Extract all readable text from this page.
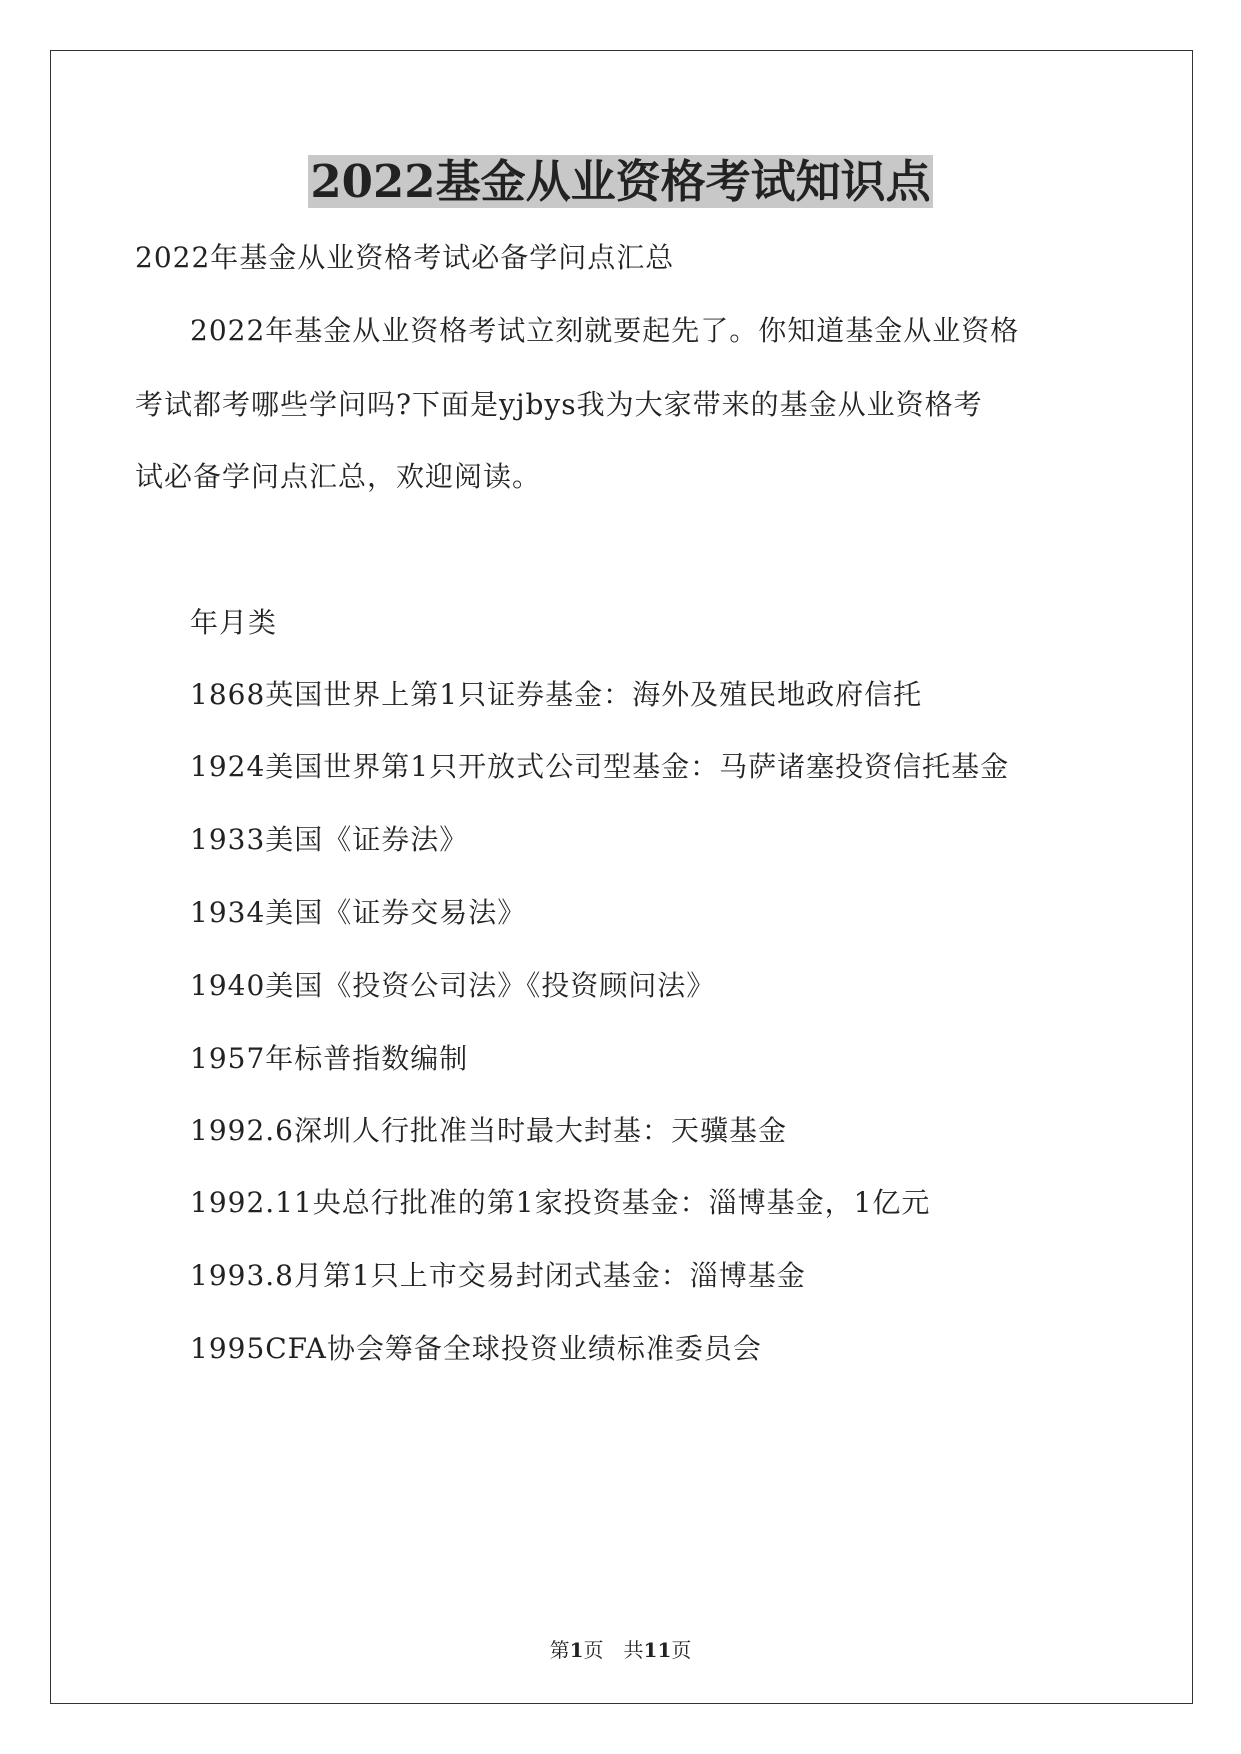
2022基金从业资格考试知识点
2022年基金从业资格考试必备学问点汇总
2022年基金从业资格考试立刻就要起先了。你知道基金从业资格
考试都考哪些学问吗?下面是yjbys我为大家带来的基金从业资格考
试必备学问点汇总，欢迎阅读。
年月类
1868英国世界上第1只证券基金：海外及殖民地政府信托
1924美国世界第1只开放式公司型基金：马萨诸塞投资信托基金
1933美国《证券法》
1934美国《证券交易法》
1940美国《投资公司法》《投资顾问法》
1957年标普指数编制
1992.6深圳人行批准当时最大封基：天骥基金
1992.11央总行批准的第1家投资基金：淄博基金，1亿元
1993.8月第1只上市交易封闭式基金：淄博基金
1995CFA协会筹备全球投资业绩标准委员会
第1页　共11页
